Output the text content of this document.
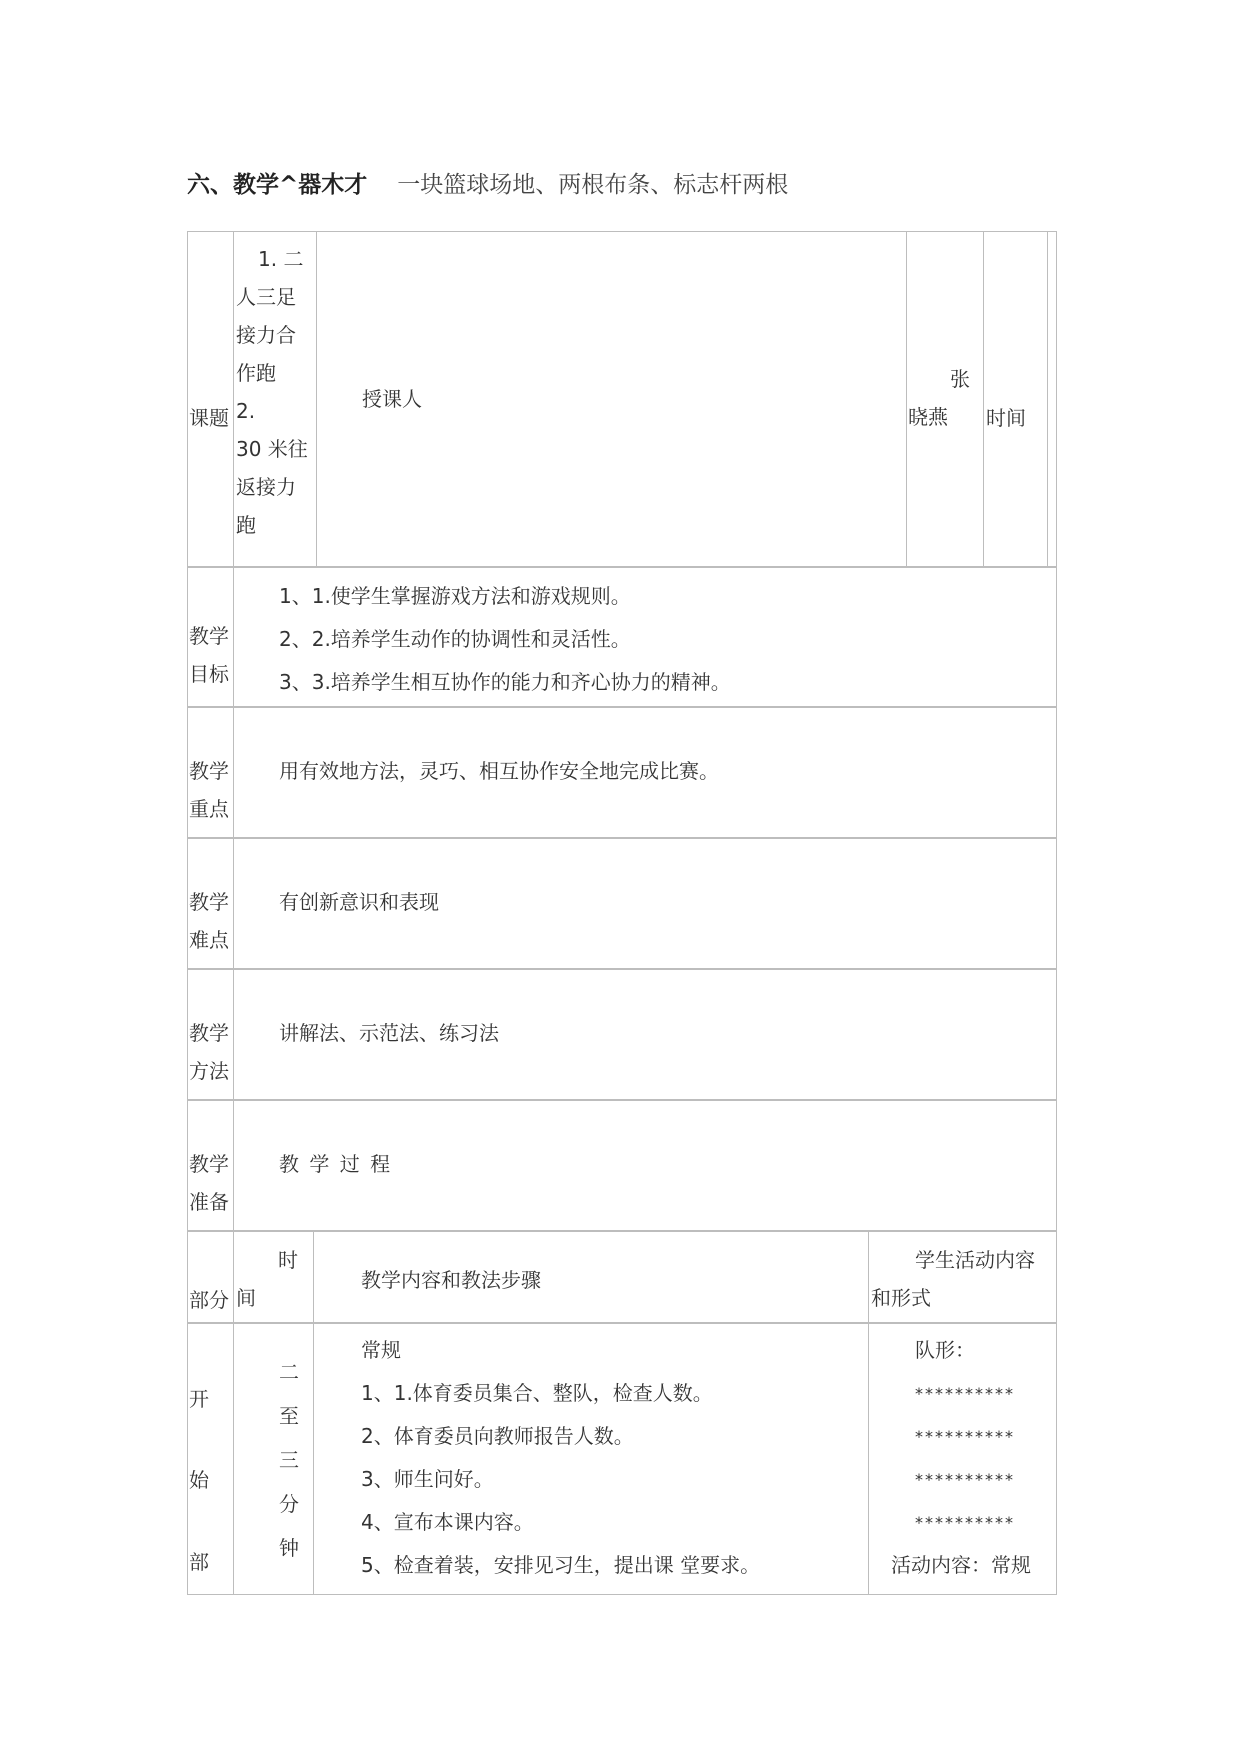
六、教学^器木才 一块篮球场地、两根布条、标志杆两根
课题
1. 二
人三足
接力合
作跑
2.
30 米往
返接力
跑
授课人
张
晓燕	时间
教学
目标
1、1.使学生掌握游戏方法和游戏规则。
2、2.培养学生动作的协调性和灵活性。
3、3.培养学生相互协作的能力和齐心协力的精神。
教学
重点
用有效地方法，灵巧、相互协作安全地完成比赛。
教学
难点
有创新意识和表现
教学
方法
讲解法、示范法、练习法
教学
准备
教 学 过 程
部分
时
间
教学内容和教法步骤
学生活动内容
和形式
开
始
部
二
至
三
分
钟
常规
1、1.体育委员集合、整队，检查人数。
2、体育委员向教师报告人数。
3、师生问好。
4、宣布本课内容。
5、检查着装，安排见习生，提出课 堂要求。
队形：
**********
**********
**********
**********
活动内容：常规
